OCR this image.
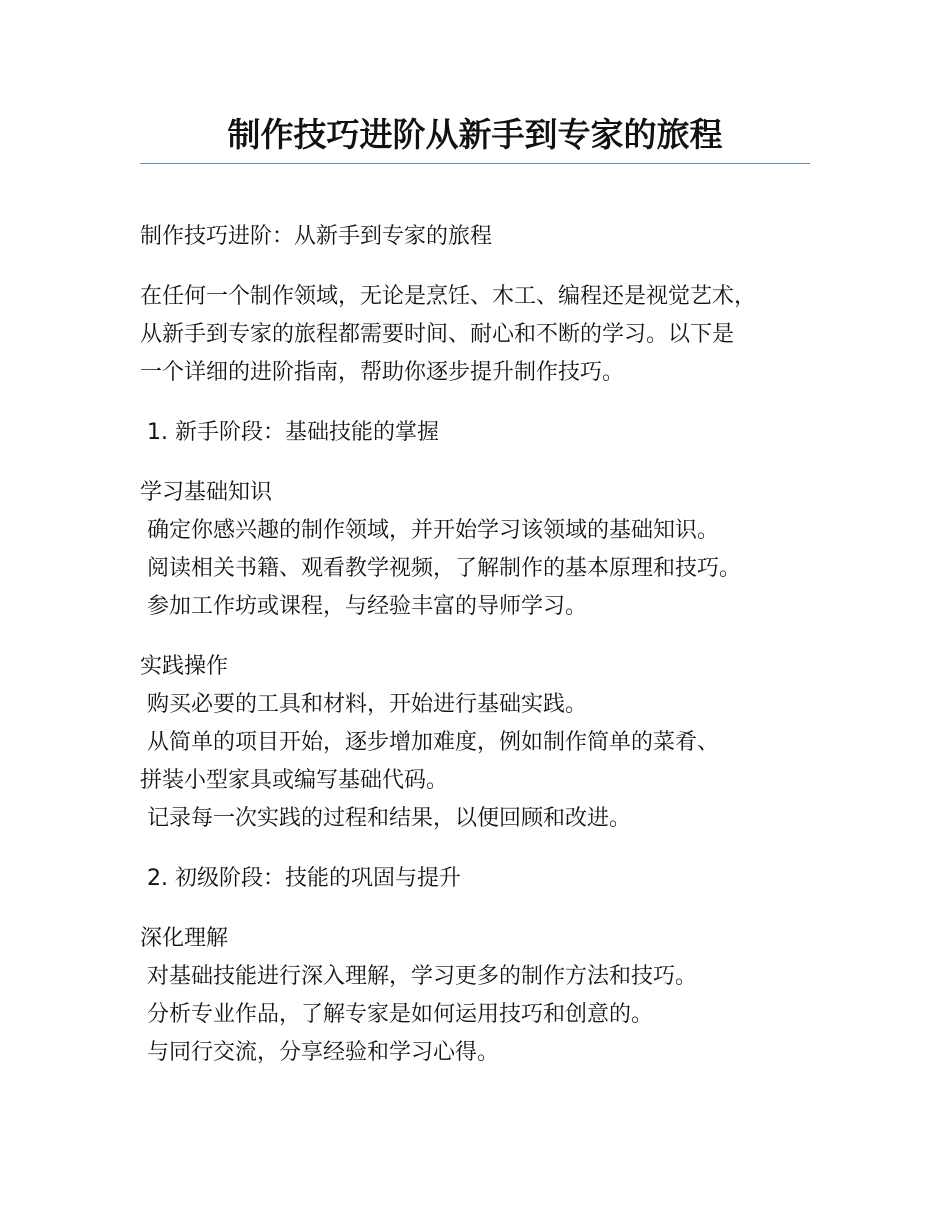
制作技巧进阶从新手到专家的旅程

制作技巧进阶：从新手到专家的旅程

在任何一个制作领域，无论是烹饪、木工、编程还是视觉艺术，

从新手到专家的旅程都需要时间、耐心和不断的学习。以下是

一个详细的进阶指南，帮助你逐步提升制作技巧。

1. 新手阶段：基础技能的掌握

学习基础知识

确定你感兴趣的制作领域，并开始学习该领域的基础知识。

阅读相关书籍、观看教学视频，了解制作的基本原理和技巧。

参加工作坊或课程，与经验丰富的导师学习。

实践操作

购买必要的工具和材料，开始进行基础实践。

从简单的项目开始，逐步增加难度，例如制作简单的菜肴、

拼装小型家具或编写基础代码。

记录每一次实践的过程和结果，以便回顾和改进。

2. 初级阶段：技能的巩固与提升

深化理解

对基础技能进行深入理解，学习更多的制作方法和技巧。

分析专业作品，了解专家是如何运用技巧和创意的。

与同行交流，分享经验和学习心得。
